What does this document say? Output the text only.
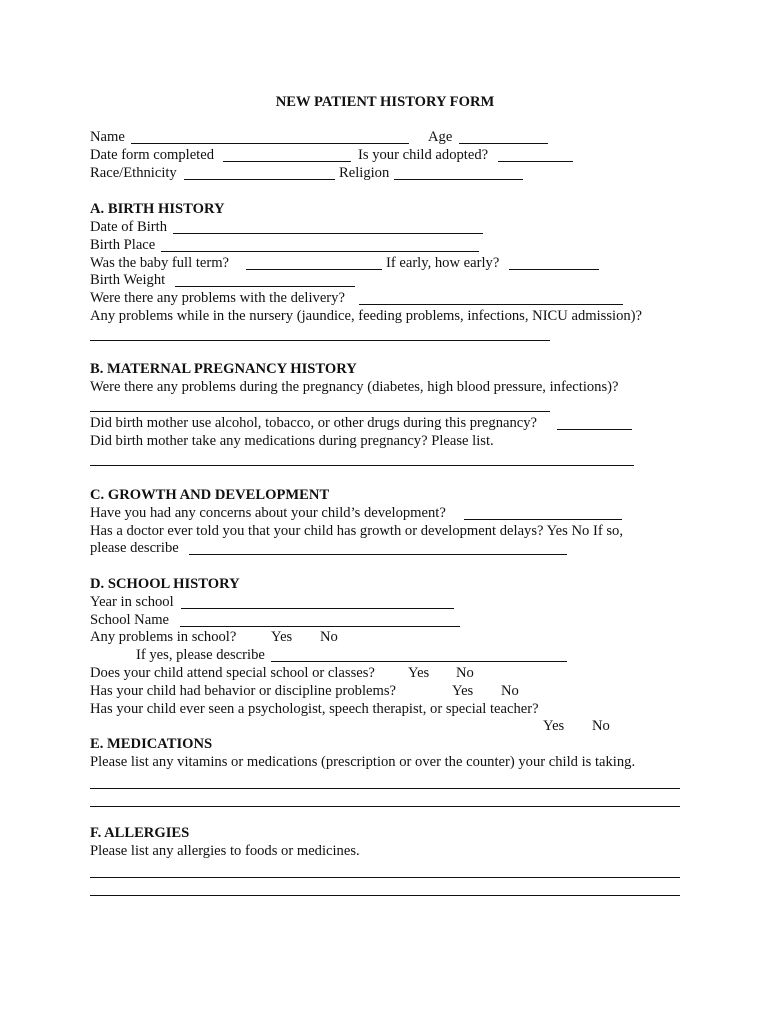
NEW PATIENT HISTORY FORM
Name	Age
Date form completed	Is your child adopted?
Race/Ethnicity	Religion
A. BIRTH HISTORY
Date of Birth
Birth Place
Was the baby full term?	If early, how early?
Birth Weight
Were there any problems with the delivery?
Any problems while in the nursery (jaundice, feeding problems, infections, NICU admission)?
B. MATERNAL PREGNANCY HISTORY
Were there any problems during the pregnancy (diabetes, high blood pressure, infections)?
Did birth mother use alcohol, tobacco, or other drugs during this pregnancy?
Did birth mother take any medications during pregnancy? Please list.
C. GROWTH AND DEVELOPMENT
Have you had any concerns about your child’s development?
Has a doctor ever told you that your child has growth or development delays? Yes No If so,
please describe
D. SCHOOL HISTORY
Year in school
School Name
Any problems in school? Yes No
If yes, please describe
Does your child attend special school or classes? Yes No
Has your child had behavior or discipline problems?	Yes No
Has your child ever seen a psychologist, speech therapist, or special teacher?
Yes No
E. MEDICATIONS
Please list any vitamins or medications (prescription or over the counter) your child is taking.
F. ALLERGIES
Please list any allergies to foods or medicines.
